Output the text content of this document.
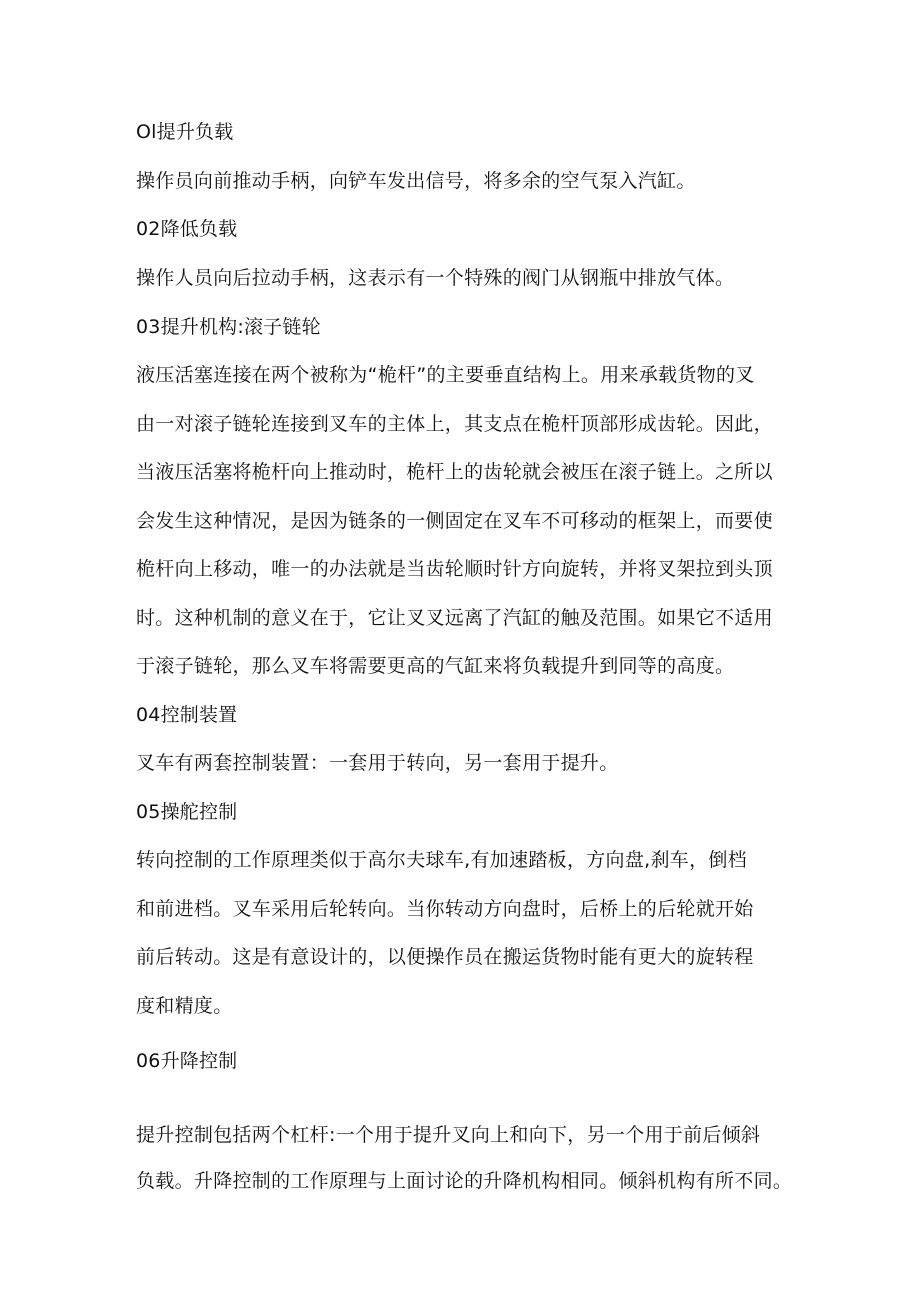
Ol提升负载
操作员向前推动手柄，向铲车发出信号，将多余的空气泵入汽缸。
02降低负载
操作人员向后拉动手柄，这表示有一个特殊的阀门从钢瓶中排放气体。
03提升机构:滚子链轮
液压活塞连接在两个被称为“桅杆”的主要垂直结构上。用来承载货物的叉
由一对滚子链轮连接到叉车的主体上，其支点在桅杆顶部形成齿轮。因此，
当液压活塞将桅杆向上推动时，桅杆上的齿轮就会被压在滚子链上。之所以
会发生这种情况，是因为链条的一侧固定在叉车不可移动的框架上，而要使
桅杆向上移动，唯一的办法就是当齿轮顺时针方向旋转，并将叉架拉到头顶
时。这种机制的意义在于，它让叉叉远离了汽缸的触及范围。如果它不适用
于滚子链轮，那么叉车将需要更高的气缸来将负载提升到同等的高度。
04控制装置
叉车有两套控制装置：一套用于转向，另一套用于提升。
05操舵控制
转向控制的工作原理类似于高尔夫球车,有加速踏板，方向盘,刹车，倒档
和前进档。叉车采用后轮转向。当你转动方向盘时，后桥上的后轮就开始
前后转动。这是有意设计的，以便操作员在搬运货物时能有更大的旋转程
度和精度。
06升降控制
提升控制包括两个杠杆:一个用于提升叉向上和向下，另一个用于前后倾斜
负载。升降控制的工作原理与上面讨论的升降机构相同。倾斜机构有所不同。
